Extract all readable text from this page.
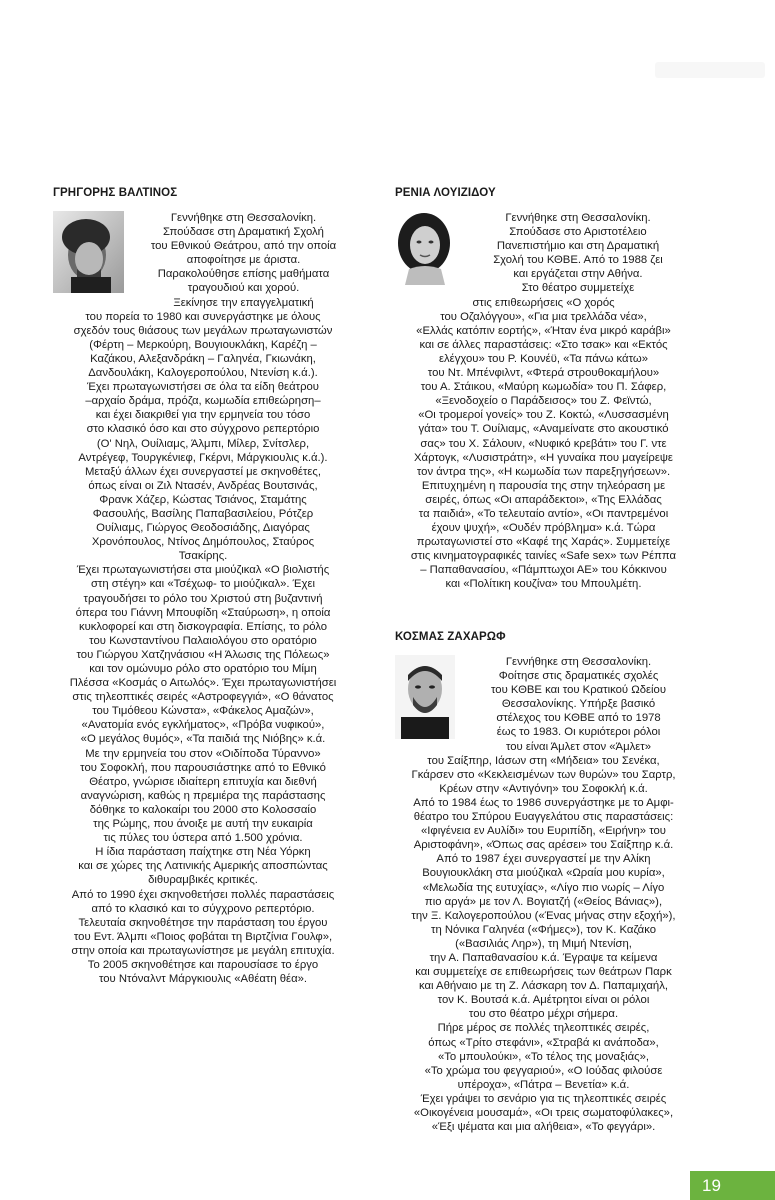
ΓΡΗΓΟΡΗΣ ΒΑΛΤΙΝΟΣ

Γεννήθηκε στη Θεσσαλονίκη.

Σπούδασε στη Δραματική Σχολή

του Εθνικού Θεάτρου, από την οποία

αποφοίτησε με άριστα.

Παρακολούθησε επίσης μαθήματα

τραγουδιού και χορού.

Ξεκίνησε την επαγγελματική

του πορεία το 1980 και συνεργάστηκε με όλους

σχεδόν τους θιάσους των μεγάλων πρωταγωνιστών

(Φέρτη – Μερκούρη, Βουγιουκλάκη, Καρέζη –

Καζάκου, Αλεξανδράκη – Γαληνέα, Γκιωνάκη,

Δανδουλάκη, Καλογεροπούλου, Ντενίση κ.ά.).

Έχει πρωταγωνιστήσει σε όλα τα είδη θεάτρου

–αρχαίο δράμα, πρόζα, κωμωδία επιθεώρηση–

και έχει διακριθεί για την ερμηνεία του τόσο

στο κλασικό όσο και στο σύγχρονο ρεπερτόριο

(Ο' Νηλ, Ουίλιαμς, Άλμπι, Μίλερ, Σνίτσλερ,

Αντρέγεφ, Τουργκένιεφ, Γκέρνι, Μάργκιουλις κ.ά.).

Μεταξύ άλλων έχει συνεργαστεί με σκηνοθέτες,

όπως είναι οι Ζιλ Ντασέν, Ανδρέας Βουτσινάς,

Φρανκ Χάζερ, Κώστας Τσιάνος, Σταμάτης

Φασουλής, Βασίλης Παπαβασιλείου, Ρότζερ

Ουίλιαμς, Γιώργος Θεοδοσιάδης, Διαγόρας

Χρονόπουλος, Ντίνος Δημόπουλος, Σταύρος

Τσακίρης.

Έχει πρωταγωνιστήσει στα μιούζικαλ «Ο βιολιστής

στη στέγη» και «Τσέχωφ- το μιούζικαλ». Έχει

τραγουδήσει το ρόλο του Χριστού στη βυζαντινή

όπερα του Γιάννη Μπουφίδη «Σταύρωση», η οποία

κυκλοφορεί και στη δισκογραφία. Επίσης, το ρόλο

του Κωνσταντίνου Παλαιολόγου στο ορατόριο

του Γιώργου Χατζηνάσιου «Η Άλωσις της Πόλεως»

και τον ομώνυμο ρόλο στο ορατόριο του Μίμη

Πλέσσα «Κοσμάς ο Αιτωλός». Έχει πρωταγωνιστήσει

στις τηλεοπτικές σειρές «Αστροφεγγιά», «Ο θάνατος

του Τιμόθεου Κώνστα», «Φάκελος Αμαζών»,

«Ανατομία ενός εγκλήματος», «Πρόβα νυφικού»,

«Ο μεγάλος θυμός», «Τα παιδιά της Νιόβης» κ.ά.

Με την ερμηνεία του στον «Οιδίποδα Τύραννο»

του Σοφοκλή, που παρουσιάστηκε από το Εθνικό

Θέατρο, γνώρισε ιδιαίτερη επιτυχία και διεθνή

αναγνώριση, καθώς η πρεμιέρα της παράστασης

δόθηκε το καλοκαίρι του 2000 στο Κολοσσαίο

της Ρώμης, που άνοιξε με αυτή την ευκαιρία

τις πύλες του ύστερα από 1.500 χρόνια.

Η ίδια παράσταση παίχτηκε στη Νέα Υόρκη

και σε χώρες της Λατινικής Αμερικής αποσπώντας

διθυραμβικές κριτικές.

Από το 1990 έχει σκηνοθετήσει πολλές παραστάσεις

από το κλασικό και το σύγχρονο ρεπερτόριο.

Τελευταία σκηνοθέτησε την παράσταση του έργου

του Εντ. Άλμπι «Ποιος φοβάται τη Βιρτζίνια Γουλφ»,

στην οποία και πρωταγωνίστησε με μεγάλη επιτυχία.

Το 2005 σκηνοθέτησε και παρουσίασε το έργο

του Ντόναλντ Μάργκιουλις «Αθέατη θέα».

ΡΕΝΙΑ ΛΟΥΙΖΙΔΟΥ

Γεννήθηκε στη Θεσσαλονίκη.

Σπούδασε στο Αριστοτέλειο

Πανεπιστήμιο και στη Δραματική

Σχολή του ΚΘΒΕ. Από το 1988 ζει

και εργάζεται στην Αθήνα.

Στο θέατρο συμμετείχε

στις επιθεωρήσεις «Ο χορός

του Οζαλόγγου», «Για μια τρελλάδα νέα»,

«Ελλάς κατόπιν εορτής», «Ήταν ένα μικρό καράβι»

και σε άλλες παραστάσεις: «Στο τσακ» και «Εκτός

ελέγχου» του Ρ. Κουνέϋ, «Τα πάνω κάτω»

του Ντ. Μπένφιλντ, «Φτερά στρουθοκαμήλου»

του Α. Στάικου, «Μαύρη κωμωδία» του Π. Σάφερ,

«Ξενοδοχείο ο Παράδεισος» του Ζ. Φεϊντώ,

«Οι τρομεροί γονείς» του Ζ. Κοκτώ, «Λυσσασμένη

γάτα» του Τ. Ουίλιαμς, «Αναμείνατε στο ακουστικό

σας» του Χ. Σάλουιν, «Νυφικό κρεβάτι» του Γ. ντε

Χάρτογκ, «Λυσιστράτη», «Η γυναίκα που μαγείρεψε

τον άντρα της», «Η κωμωδία των παρεξηγήσεων».

Επιτυχημένη η παρουσία της στην τηλεόραση με

σειρές, όπως «Οι απαράδεκτοι», «Της Ελλάδας

τα παιδιά», «Το τελευταίο αντίο», «Οι παντρεμένοι

έχουν ψυχή», «Ουδέν πρόβλημα» κ.ά. Τώρα

πρωταγωνιστεί στο «Καφέ της Χαράς». Συμμετείχε

στις κινηματογραφικές ταινίες «Safe sex» των Ρέππα

– Παπαθανασίου, «Πάμπτωχοι ΑΕ» του Κόκκινου

και «Πολίτικη κουζίνα» του Μπουλμέτη.

ΚΟΣΜΑΣ ΖΑΧΑΡΩΦ

Γεννήθηκε στη Θεσσαλονίκη.

Φοίτησε στις δραματικές σχολές

του ΚΘΒΕ και του Κρατικού Ωδείου

Θεσσαλονίκης. Υπήρξε βασικό

στέλεχος του ΚΘΒΕ από το 1978

έως το 1983. Οι κυριότεροι ρόλοι

του είναι Άμλετ στον «Άμλετ»

του Σαίξπηρ, Ιάσων στη «Μήδεια» του Σενέκα,

Γκάρσεν στο «Κεκλεισμένων των θυρών» του Σαρτρ,

Κρέων στην «Αντιγόνη» του Σοφοκλή κ.ά.

Από το 1984 έως το 1986 συνεργάστηκε με το Αμφι-

θέατρο του Σπύρου Ευαγγελάτου στις παραστάσεις:

«Ιφιγένεια εν Αυλίδι» του Ευριπίδη, «Ειρήνη» του

Αριστοφάνη», «Όπως σας αρέσει» του Σαίξπηρ κ.ά.

Από το 1987 έχει συνεργαστεί με την Αλίκη

Βουγιουκλάκη στα μιούζικαλ «Ωραία μου κυρία»,

«Μελωδία της ευτυχίας», «Λίγο πιο νωρίς – Λίγο

πιο αργά» με τον Λ. Βογιατζή («Θείος Βάνιας»),

την Ξ. Καλογεροπούλου («Ένας μήνας στην εξοχή»),

τη Νόνικα Γαληνέα («Φήμες»), τον Κ. Καζάκο

(«Βασιλιάς Ληρ»), τη Μιμή Ντενίση,

την Α. Παπαθανασίου κ.ά. Έγραψε τα κείμενα

και συμμετείχε σε επιθεωρήσεις των θεάτρων Παρκ

και Αθήναιο με τη Ζ. Λάσκαρη τον Δ. Παπαμιχαήλ,

τον Κ. Βουτσά κ.ά. Αμέτρητοι είναι οι ρόλοι

του στο θέατρο μέχρι σήμερα.

Πήρε μέρος σε πολλές τηλεοπτικές σειρές,

όπως «Τρίτο στεφάνι», «Στραβά κι ανάποδα»,

«Το μπουλούκι», «Το τέλος της μοναξιάς»,

«Το χρώμα του φεγγαριού», «Ο Ιούδας φιλούσε

υπέροχα», «Πάτρα – Βενετία» κ.ά.

Έχει γράψει το σενάριο για τις τηλεοπτικές σειρές

«Οικογένεια μουσαμά», «Οι τρεις σωματοφύλακες»,

«Έξι ψέματα και μια αλήθεια», «Το φεγγάρι».

19
